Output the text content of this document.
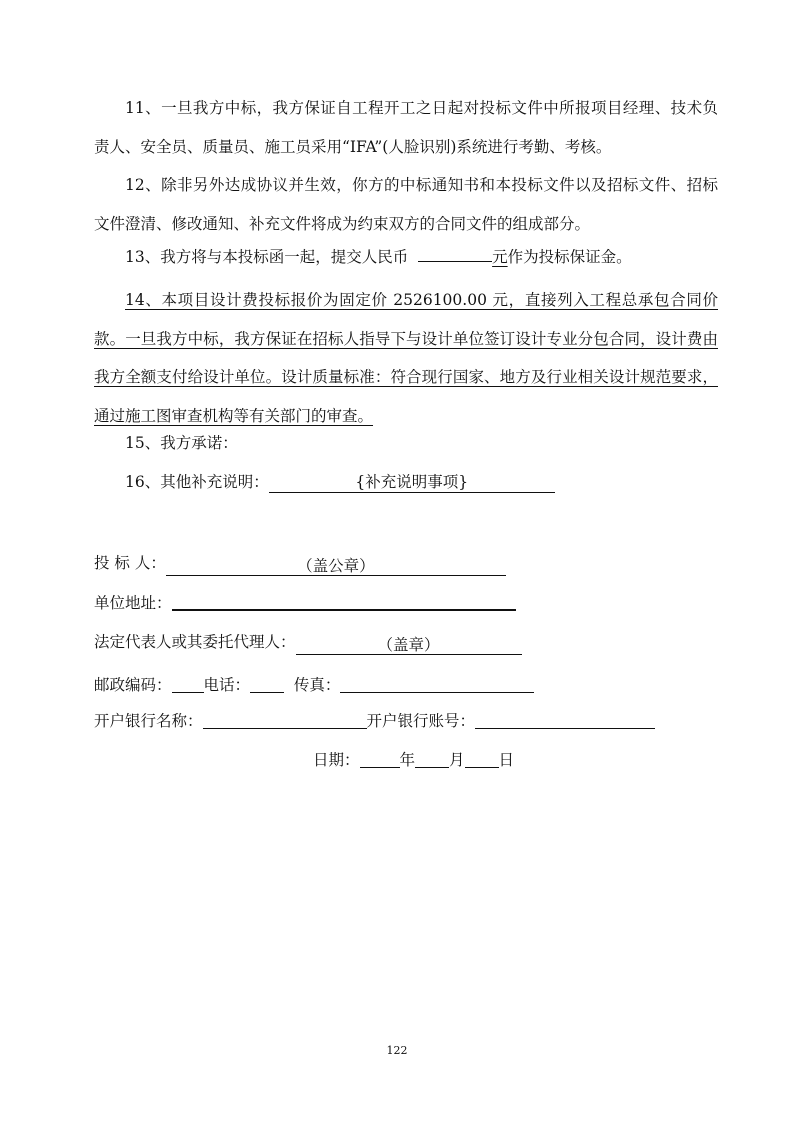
11、一旦我方中标，我方保证自工程开工之日起对投标文件中所报项目经理、技术负责人、安全员、质量员、施工员采用“IFA”(人脸识别)系统进行考勤、考核。

12、除非另外达成协议并生效，你方的中标通知书和本投标文件以及招标文件、招标文件澄清、修改通知、补充文件将成为约束双方的合同文件的组成部分。

13、我方将与本投标函一起，提交人民币	元作为投标保证金。

14、本项目设计费投标报价为固定价 2526100.00 元，直接列入工程总承包合同价款。一旦我方中标，我方保证在招标人指导下与设计单位签订设计专业分包合同，设计费由我方全额支付给设计单位。设计质量标准：符合现行国家、地方及行业相关设计规范要求，通过施工图审查机构等有关部门的审查。

15、我方承诺：

16、其他补充说明：	{补充说明事项}

投 标 人：	（盖公章）
单位地址：
法定代表人或其委托代理人：	（盖章）
邮政编码： 电话：	传真：
开户银行名称：	开户银行账号：
日期：	年 月 日
122
